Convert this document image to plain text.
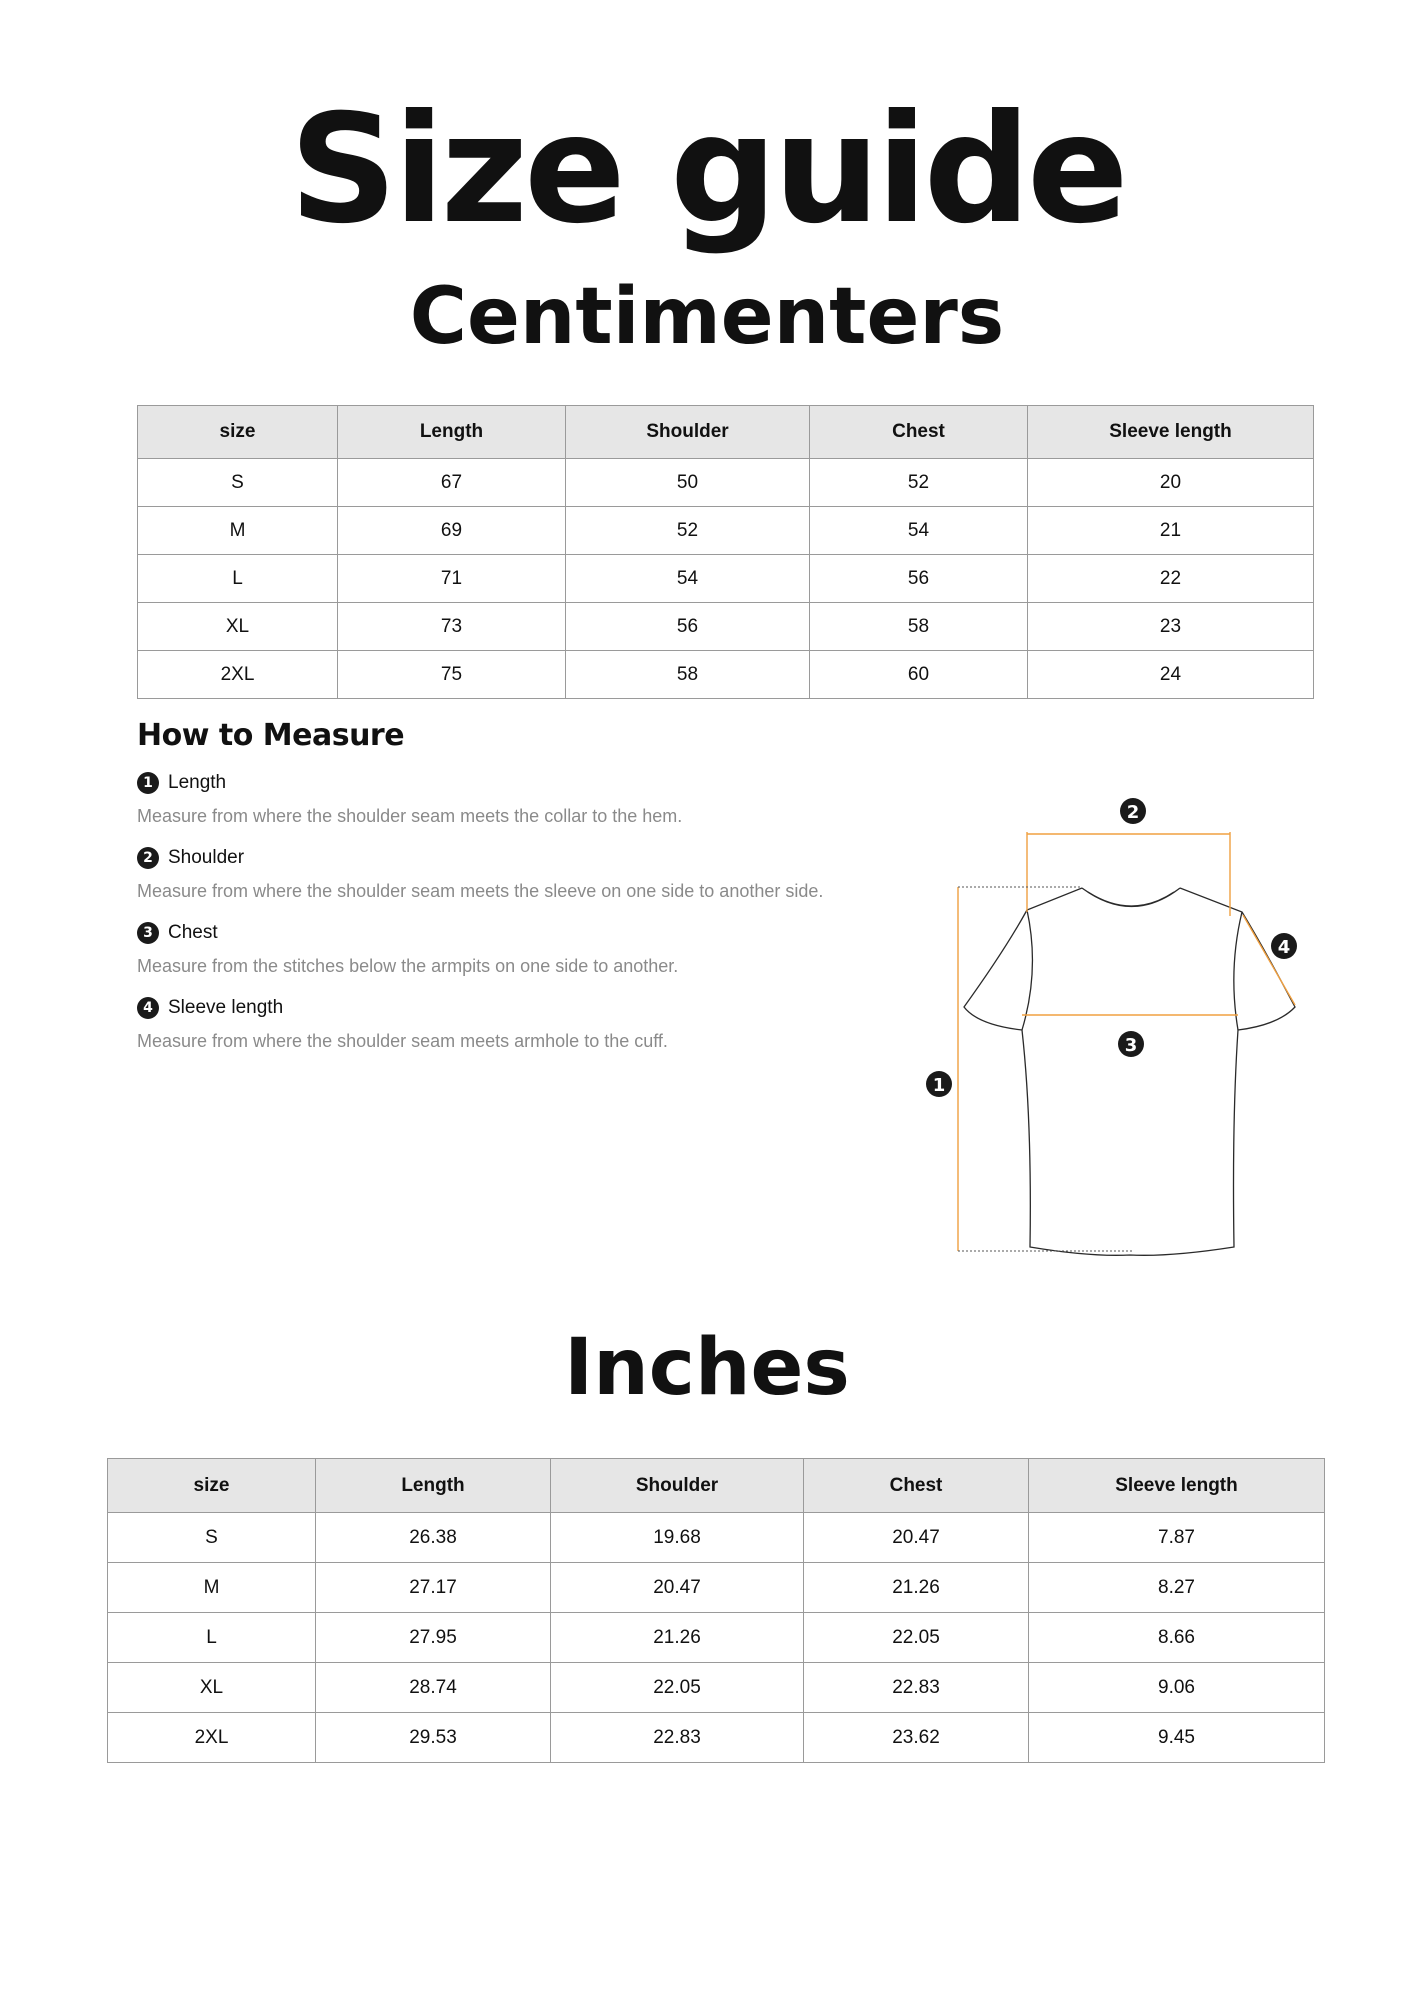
Size guide
Centimenters
size	Length	Shoulder	Chest	Sleeve length
S	67	50	52	20
M	69	52	54	21
L	71	54	56	22
XL	73	56	58	23
2XL	75	58	60	24
How to Measure
1 Length
Measure from where the shoulder seam meets the collar to the hem.
2 Shoulder
Measure from where the shoulder seam meets the sleeve on one side to another side.
3 Chest
Measure from the stitches below the armpits on one side to another.
4 Sleeve length
Measure from where the shoulder seam meets armhole to the cuff.
1
2
3
4
Inches
size	Length	Shoulder	Chest	Sleeve length
S	26.38	19.68	20.47	7.87
M	27.17	20.47	21.26	8.27
L	27.95	21.26	22.05	8.66
XL	28.74	22.05	22.83	9.06
2XL	29.53	22.83	23.62	9.45
